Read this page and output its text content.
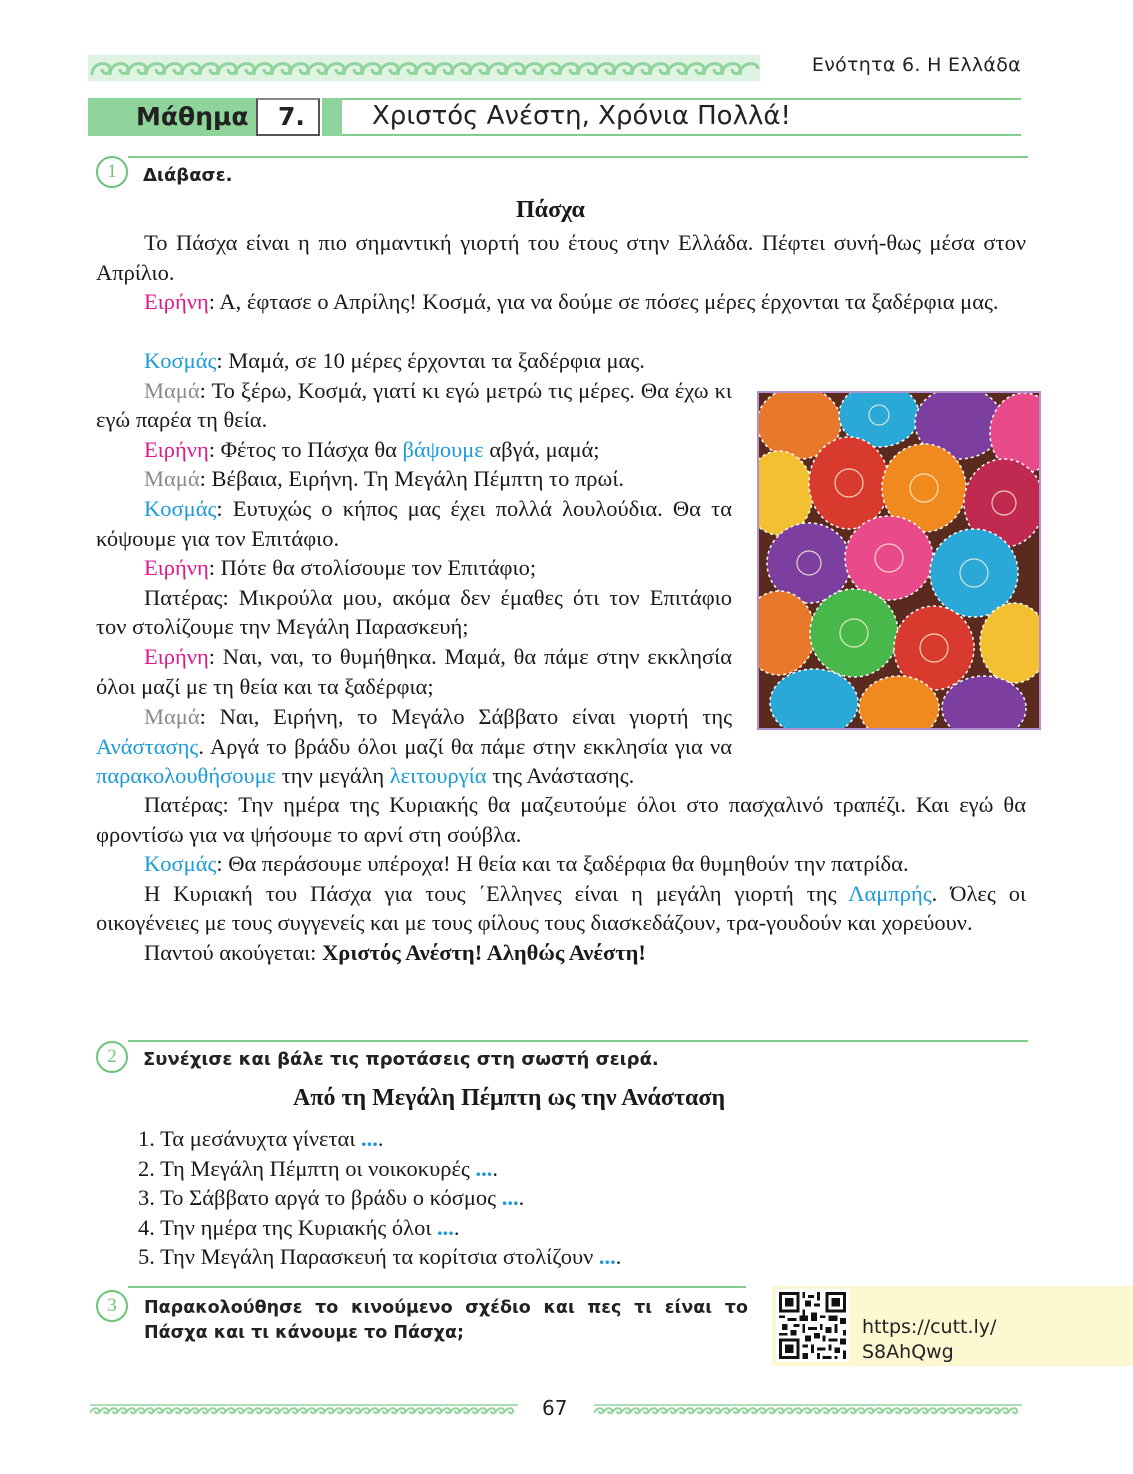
Ενότητα 6. Η Ελλάδα
Μάθημα 7.	Χριστός Ανέστη, Χρόνια Πολλά!
1	Διάβασε.
Πάσχα

Το Πάσχα είναι η πιο σημαντική γιορτή του έτους στην Ελλάδα. Πέφτει συνή-θως μέσα στον Απρίλιο.

Ειρήνη: Α, έφτασε ο Απρίλης! Κοσμά, για να δούμε σε πόσες μέρες έρχονται τα ξαδέρφια μας.

Κοσμάς: Μαμά, σε 10 μέρες έρχονται τα ξαδέρφια μας.

Μαμά: Το ξέρω, Κοσμά, γιατί κι εγώ μετρώ τις μέρες. Θα έχω κι εγώ παρέα τη θεία.

Ειρήνη: Φέτος το Πάσχα θα βάψουμε αβγά, μαμά;

Μαμά: Βέβαια, Ειρήνη. Τη Μεγάλη Πέμπτη το πρωί.

Κοσμάς: Ευτυχώς ο κήπος μας έχει πολλά λουλούδια. Θα τα κόψουμε για τον Επιτάφιο.

Ειρήνη: Πότε θα στολίσουμε τον Επιτάφιο;

Πατέρας: Μικρούλα μου, ακόμα δεν έμαθες ότι τον Επιτάφιο τον στολίζουμε την Μεγάλη Παρασκευή;

Ειρήνη: Ναι, ναι, το θυμήθηκα. Μαμά, θα πάμε στην εκκλησία όλοι μαζί με τη θεία και τα ξαδέρφια;

Μαμά: Ναι, Ειρήνη, το Μεγάλο Σάββατο είναι γιορτή της Ανάστασης. Αργά το βράδυ όλοι μαζί θα πάμε στην εκκλησία για να παρακολουθήσουμε την μεγάλη λειτουργία της Ανάστασης.

Πατέρας: Την ημέρα της Κυριακής θα μαζευτούμε όλοι στο πασχαλινό τραπέζι. Και εγώ θα φροντίσω για να ψήσουμε το αρνί στη σούβλα.

Κοσμάς: Θα περάσουμε υπέροχα! Η θεία και τα ξαδέρφια θα θυμηθούν την πατρίδα.

Η Κυριακή του Πάσχα για τους ΄Ελληνες είναι η μεγάλη γιορτή της Λαμπρής. Όλες οι οικογένειες με τους συγγενείς και με τους φίλους τους διασκεδάζουν, τρα-γουδούν και χορεύουν.

Παντού ακούγεται: Χριστός Ανέστη! Αληθώς Ανέστη!

2	Συνέχισε και βάλε τις προτάσεις στη σωστή σειρά.
Από τη Μεγάλη Πέμπτη ως την Ανάσταση
1. Τα μεσάνυχτα γίνεται ....
2. Τη Μεγάλη Πέμπτη οι νοικοκυρές ....
3. Το Σάββατο αργά το βράδυ ο κόσμος ....
4. Την ημέρα της Κυριακής όλοι ....
5. Την Μεγάλη Παρασκευή τα κορίτσια στολίζουν ....
3	Παρακολούθησε το κινούμενο σχέδιο και πες τι είναι το Πάσχα και τι κάνουμε το Πάσχα;	https://cutt.ly/
S8AhQwg
67
